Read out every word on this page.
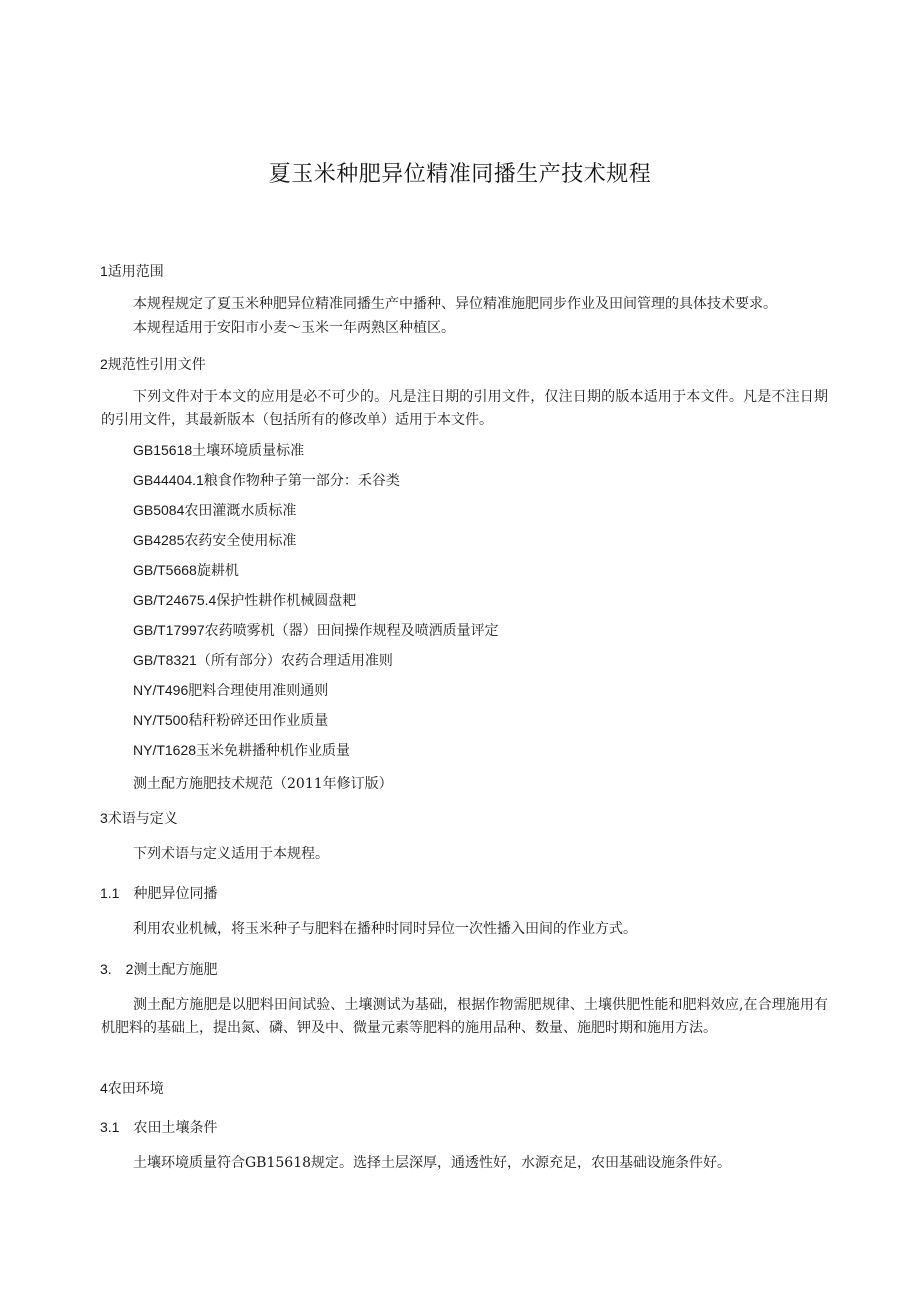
夏玉米种肥异位精准同播生产技术规程
1适用范围
本规程规定了夏玉米种肥异位精准同播生产中播种、异位精准施肥同步作业及田间管理的具体技术要求。
本规程适用于安阳市小麦～玉米一年两熟区种植区。
2规范性引用文件
下列文件对于本文的应用是必不可少的。凡是注日期的引用文件，仅注日期的版本适用于本文件。凡是不注日期的引用文件，其最新版本（包括所有的修改单）适用于本文件。
GB15618土壤环境质量标准
GB44404.1粮食作物种子第一部分：禾谷类
GB5084农田灌溉水质标准
GB4285农药安全使用标准
GB/T5668旋耕机
GB/T24675.4保护性耕作机械圆盘耙
GB/T17997农药喷雾机（器）田间操作规程及喷洒质量评定
GB/T8321（所有部分）农药合理适用准则
NY/T496肥料合理使用准则通则
NY/T500秸秆粉碎还田作业质量
NY/T1628玉米免耕播种机作业质量
测土配方施肥技术规范（2011年修订版）
3术语与定义
下列术语与定义适用于本规程。
1.1　种肥异位同播
利用农业机械，将玉米种子与肥料在播种时同时异位一次性播入田间的作业方式。
3.　2测土配方施肥
测土配方施肥是以肥料田间试验、土壤测试为基础，根据作物需肥规律、土壤供肥性能和肥料效应,在合理施用有机肥料的基础上，提出氮、磷、钾及中、微量元素等肥料的施用品种、数量、施肥时期和施用方法。
4农田环境
3.1　农田土壤条件
土壤环境质量符合GB15618规定。选择土层深厚，通透性好，水源充足，农田基础设施条件好。
